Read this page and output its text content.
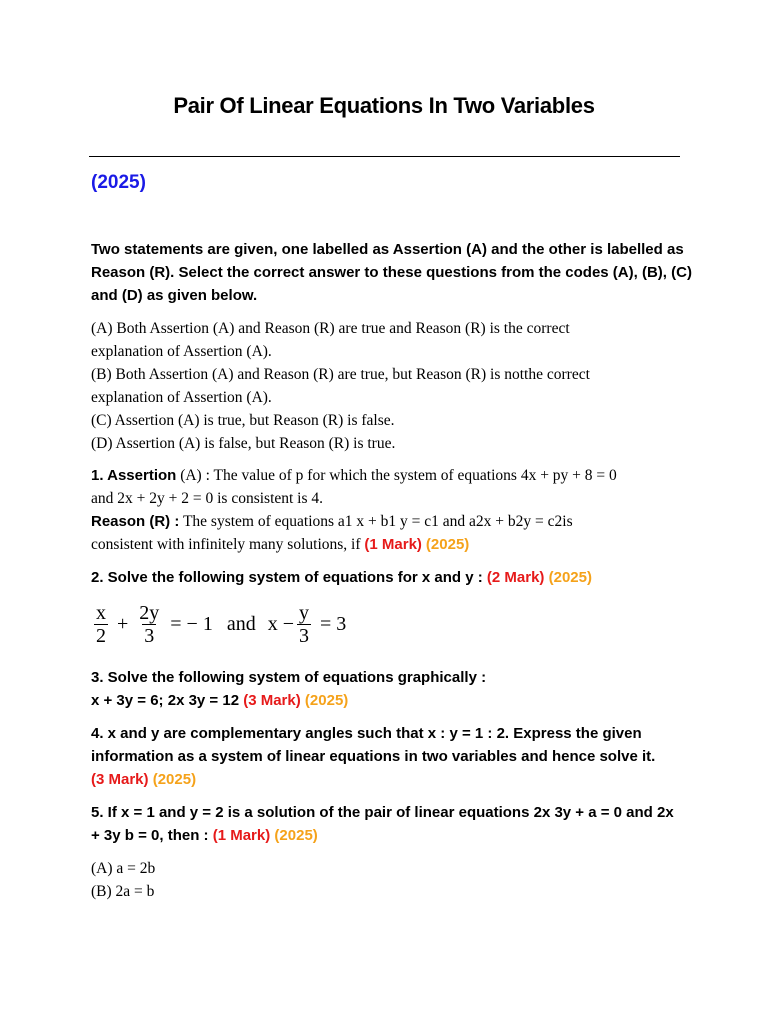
Pair Of Linear Equations In Two Variables
(2025)
Two statements are given, one labelled as Assertion (A) and the other is labelled as
Reason (R). Select the correct answer to these questions from the codes (A), (B), (C)
and (D) as given below.
(A) Both Assertion (A) and Reason (R) are true and Reason (R) is the correct
explanation of Assertion (A).
(B) Both Assertion (A) and Reason (R) are true, but Reason (R) is notthe correct
explanation of Assertion (A).
(C) Assertion (A) is true, but Reason (R) is false.
(D) Assertion (A) is false, but Reason (R) is true.
1. Assertion (A) : The value of p for which the system of equations 4x + py + 8 = 0
and 2x + 2y + 2 = 0 is consistent is 4.
Reason (R) : The system of equations a1 x + b1 y = c1 and a2x + b2y = c2is
consistent with infinitely many solutions, if (1 Mark) (2025)
2. Solve the following system of equations for x and y : (2 Mark) (2025)
$\frac{x}{2} + \frac{2y}{3}$ = − 1 and $x - \frac{y}{3} = 3$
3. Solve the following system of equations graphically :
x + 3y = 6; 2x 3y = 12 (3 Mark) (2025)
4. x and y are complementary angles such that x : y = 1 : 2. Express the given
information as a system of linear equations in two variables and hence solve it.
(3 Mark) (2025)
5. If x = 1 and y = 2 is a solution of the pair of linear equations 2x 3y + a = 0 and 2x
+ 3y b = 0, then : (1 Mark) (2025)
(A) a = 2b
(B) 2a = b
